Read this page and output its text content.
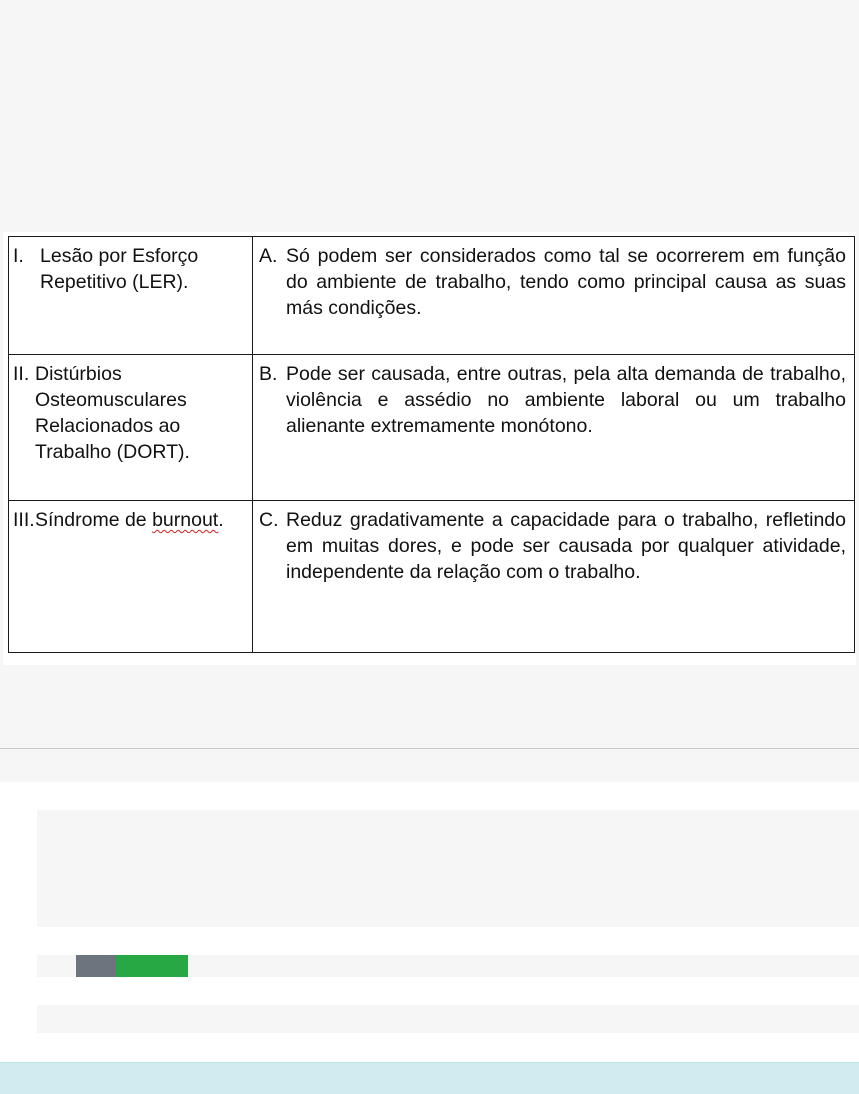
I. Lesão por Esforço Repetitivo (LER).	A. Só podem ser considerados como tal se ocorrerem em função do ambiente de trabalho, tendo como principal causa as suas más condições.

II. Distúrbios Osteomusculares Relacionados ao Trabalho (DORT).	B. Pode ser causada, entre outras, pela alta demanda de trabalho, violência e assédio no ambiente laboral ou um trabalho alienante extremamente monótono.

III. Síndrome de burnout.	C. Reduz gradativamente a capacidade para o trabalho, refletindo em muitas dores, e pode ser causada por qualquer atividade, independente da relação com o trabalho.
